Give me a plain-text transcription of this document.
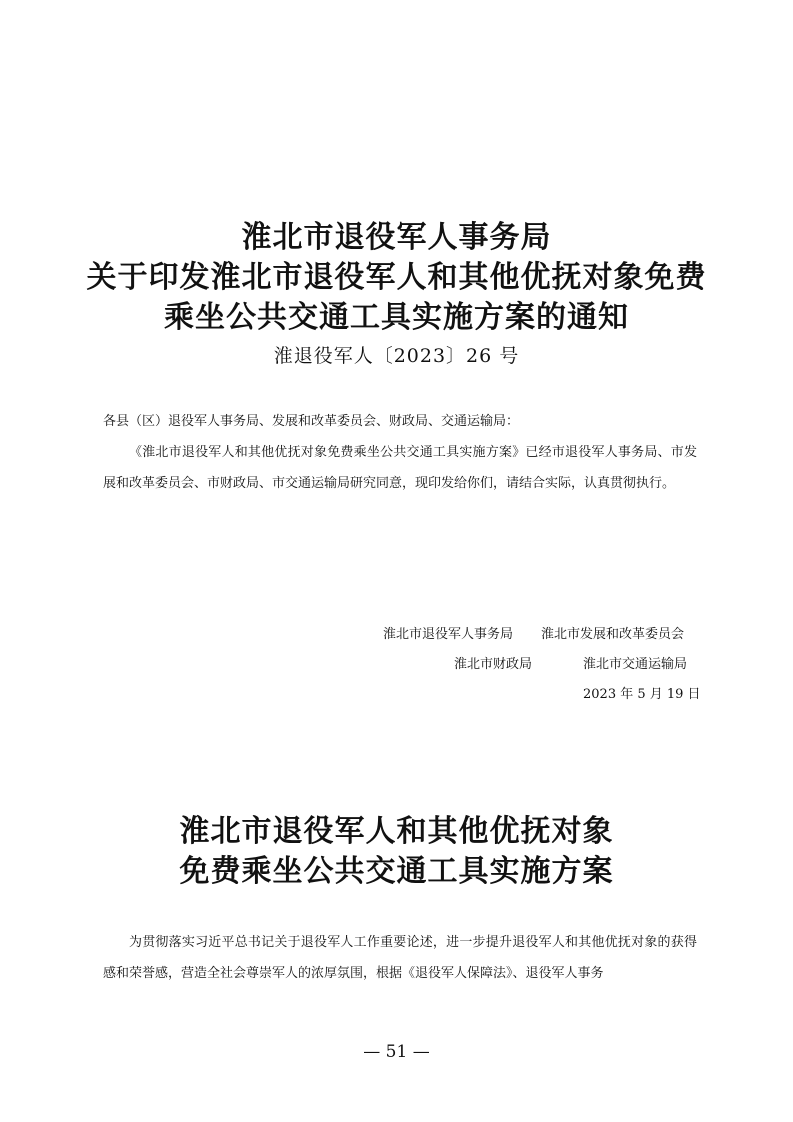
淮北市退役军人事务局
关于印发淮北市退役军人和其他优抚对象免费
乘坐公共交通工具实施方案的通知
淮退役军人〔2023〕26 号
各县（区）退役军人事务局、发展和改革委员会、财政局、交通运输局：
《淮北市退役军人和其他优抚对象免费乘坐公共交通工具实施方案》已经市退役军人事务局、市发展和改革委员会、市财政局、市交通运输局研究同意，现印发给你们，请结合实际，认真贯彻执行。
淮北市退役军人事务局 淮北市发展和改革委员会
淮北市财政局	淮北市交通运输局
2023 年 5 月 19 日
淮北市退役军人和其他优抚对象
免费乘坐公共交通工具实施方案
为贯彻落实习近平总书记关于退役军人工作重要论述，进一步提升退役军人和其他优抚对象的获得感和荣誉感，营造全社会尊崇军人的浓厚氛围，根据《退役军人保障法》、退役军人事务
— 51 —
